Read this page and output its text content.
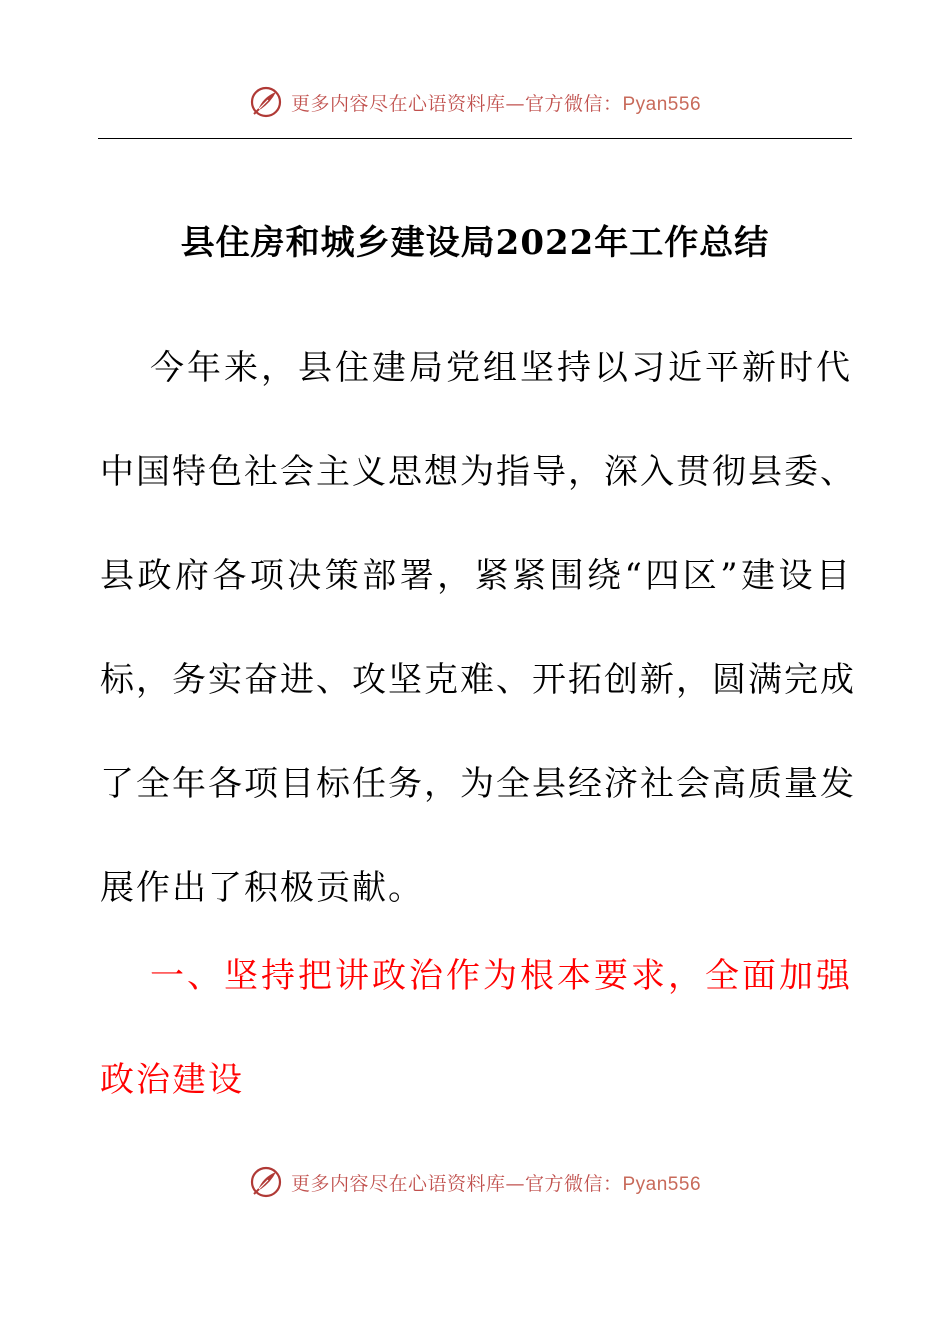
更多内容尽在心语资料库—官方微信：Pyan556
县住房和城乡建设局2022年工作总结

今年来，县住建局党组坚持以习近平新时代
中国特色社会主义思想为指导，深入贯彻县委、
县政府各项决策部署，紧紧围绕“四区”建设目
标，务实奋进、攻坚克难、开拓创新，圆满完成
了全年各项目标任务，为全县经济社会高质量发
展作出了积极贡献。

一、坚持把讲政治作为根本要求，全面加强
政治建设

更多内容尽在心语资料库—官方微信：Pyan556
